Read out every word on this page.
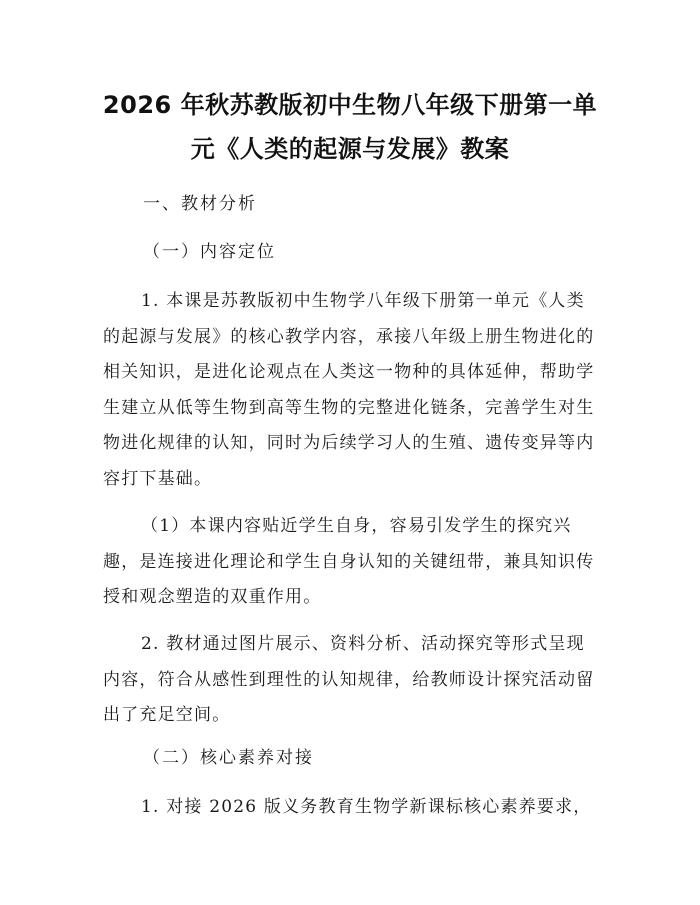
2026 年秋苏教版初中生物八年级下册第一单
元《人类的起源与发展》教案
一、教材分析
（一）内容定位
1. 本课是苏教版初中生物学八年级下册第一单元《人类
的起源与发展》的核心教学内容，承接八年级上册生物进化的
相关知识，是进化论观点在人类这一物种的具体延伸，帮助学
生建立从低等生物到高等生物的完整进化链条，完善学生对生
物进化规律的认知，同时为后续学习人的生殖、遗传变异等内
容打下基础。
（1）本课内容贴近学生自身，容易引发学生的探究兴
趣，是连接进化理论和学生自身认知的关键纽带，兼具知识传
授和观念塑造的双重作用。
2. 教材通过图片展示、资料分析、活动探究等形式呈现
内容，符合从感性到理性的认知规律，给教师设计探究活动留
出了充足空间。
（二）核心素养对接
1. 对接 2026 版义务教育生物学新课标核心素养要求，
